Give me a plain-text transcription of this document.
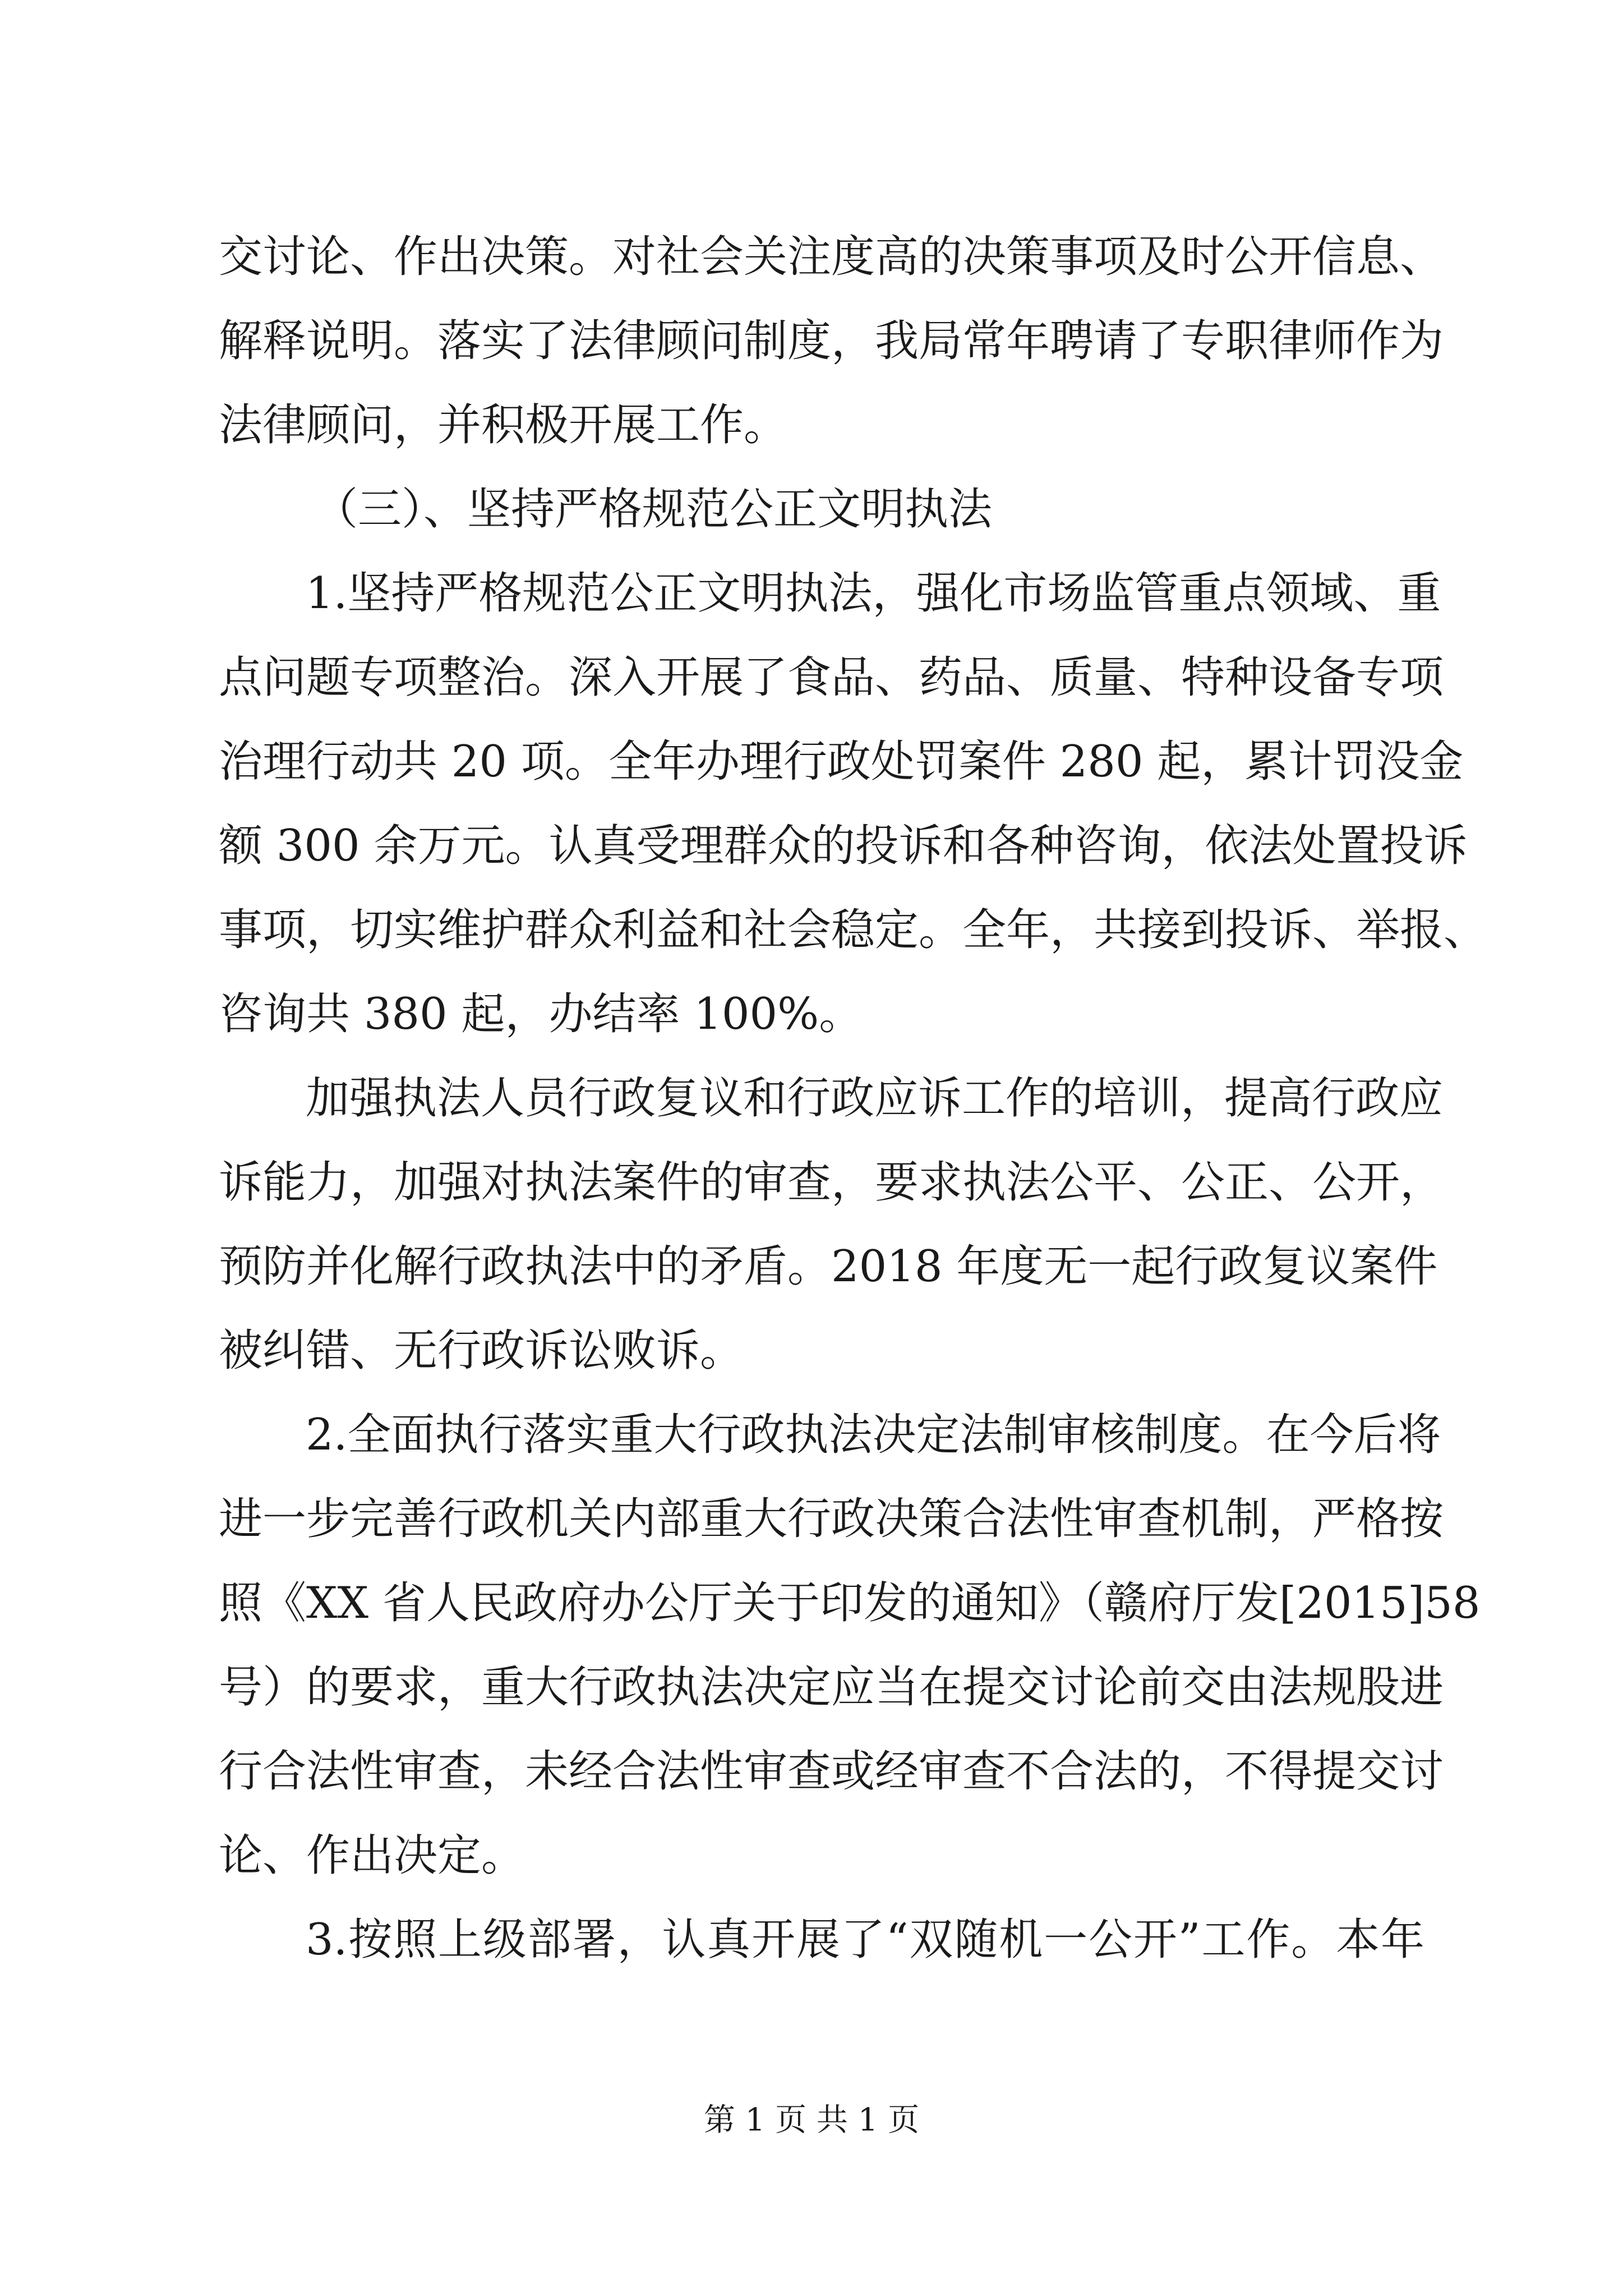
交讨论、作出决策。对社会关注度高的决策事项及时公开信息、
解释说明。落实了法律顾问制度，我局常年聘请了专职律师作为
法律顾问，并积极开展工作。
（三）、坚持严格规范公正文明执法
1.坚持严格规范公正文明执法，强化市场监管重点领域、重
点问题专项整治。深入开展了食品、药品、质量、特种设备专项
治理行动共 20 项。全年办理行政处罚案件 280 起，累计罚没金
额 300 余万元。认真受理群众的投诉和各种咨询，依法处置投诉
事项，切实维护群众利益和社会稳定。全年，共接到投诉、举报、
咨询共 380 起，办结率 100%。
加强执法人员行政复议和行政应诉工作的培训，提高行政应
诉能力，加强对执法案件的审查，要求执法公平、公正、公开，
预防并化解行政执法中的矛盾。2018 年度无一起行政复议案件
被纠错、无行政诉讼败诉。
2.全面执行落实重大行政执法决定法制审核制度。在今后将
进一步完善行政机关内部重大行政决策合法性审查机制，严格按
照《XX 省人民政府办公厅关于印发的通知》（赣府厅发[2015]58
号）的要求，重大行政执法决定应当在提交讨论前交由法规股进
行合法性审查，未经合法性审查或经审查不合法的，不得提交讨
论、作出决定。
3.按照上级部署，认真开展了“双随机一公开”工作。本年
第 1 页 共 1 页
